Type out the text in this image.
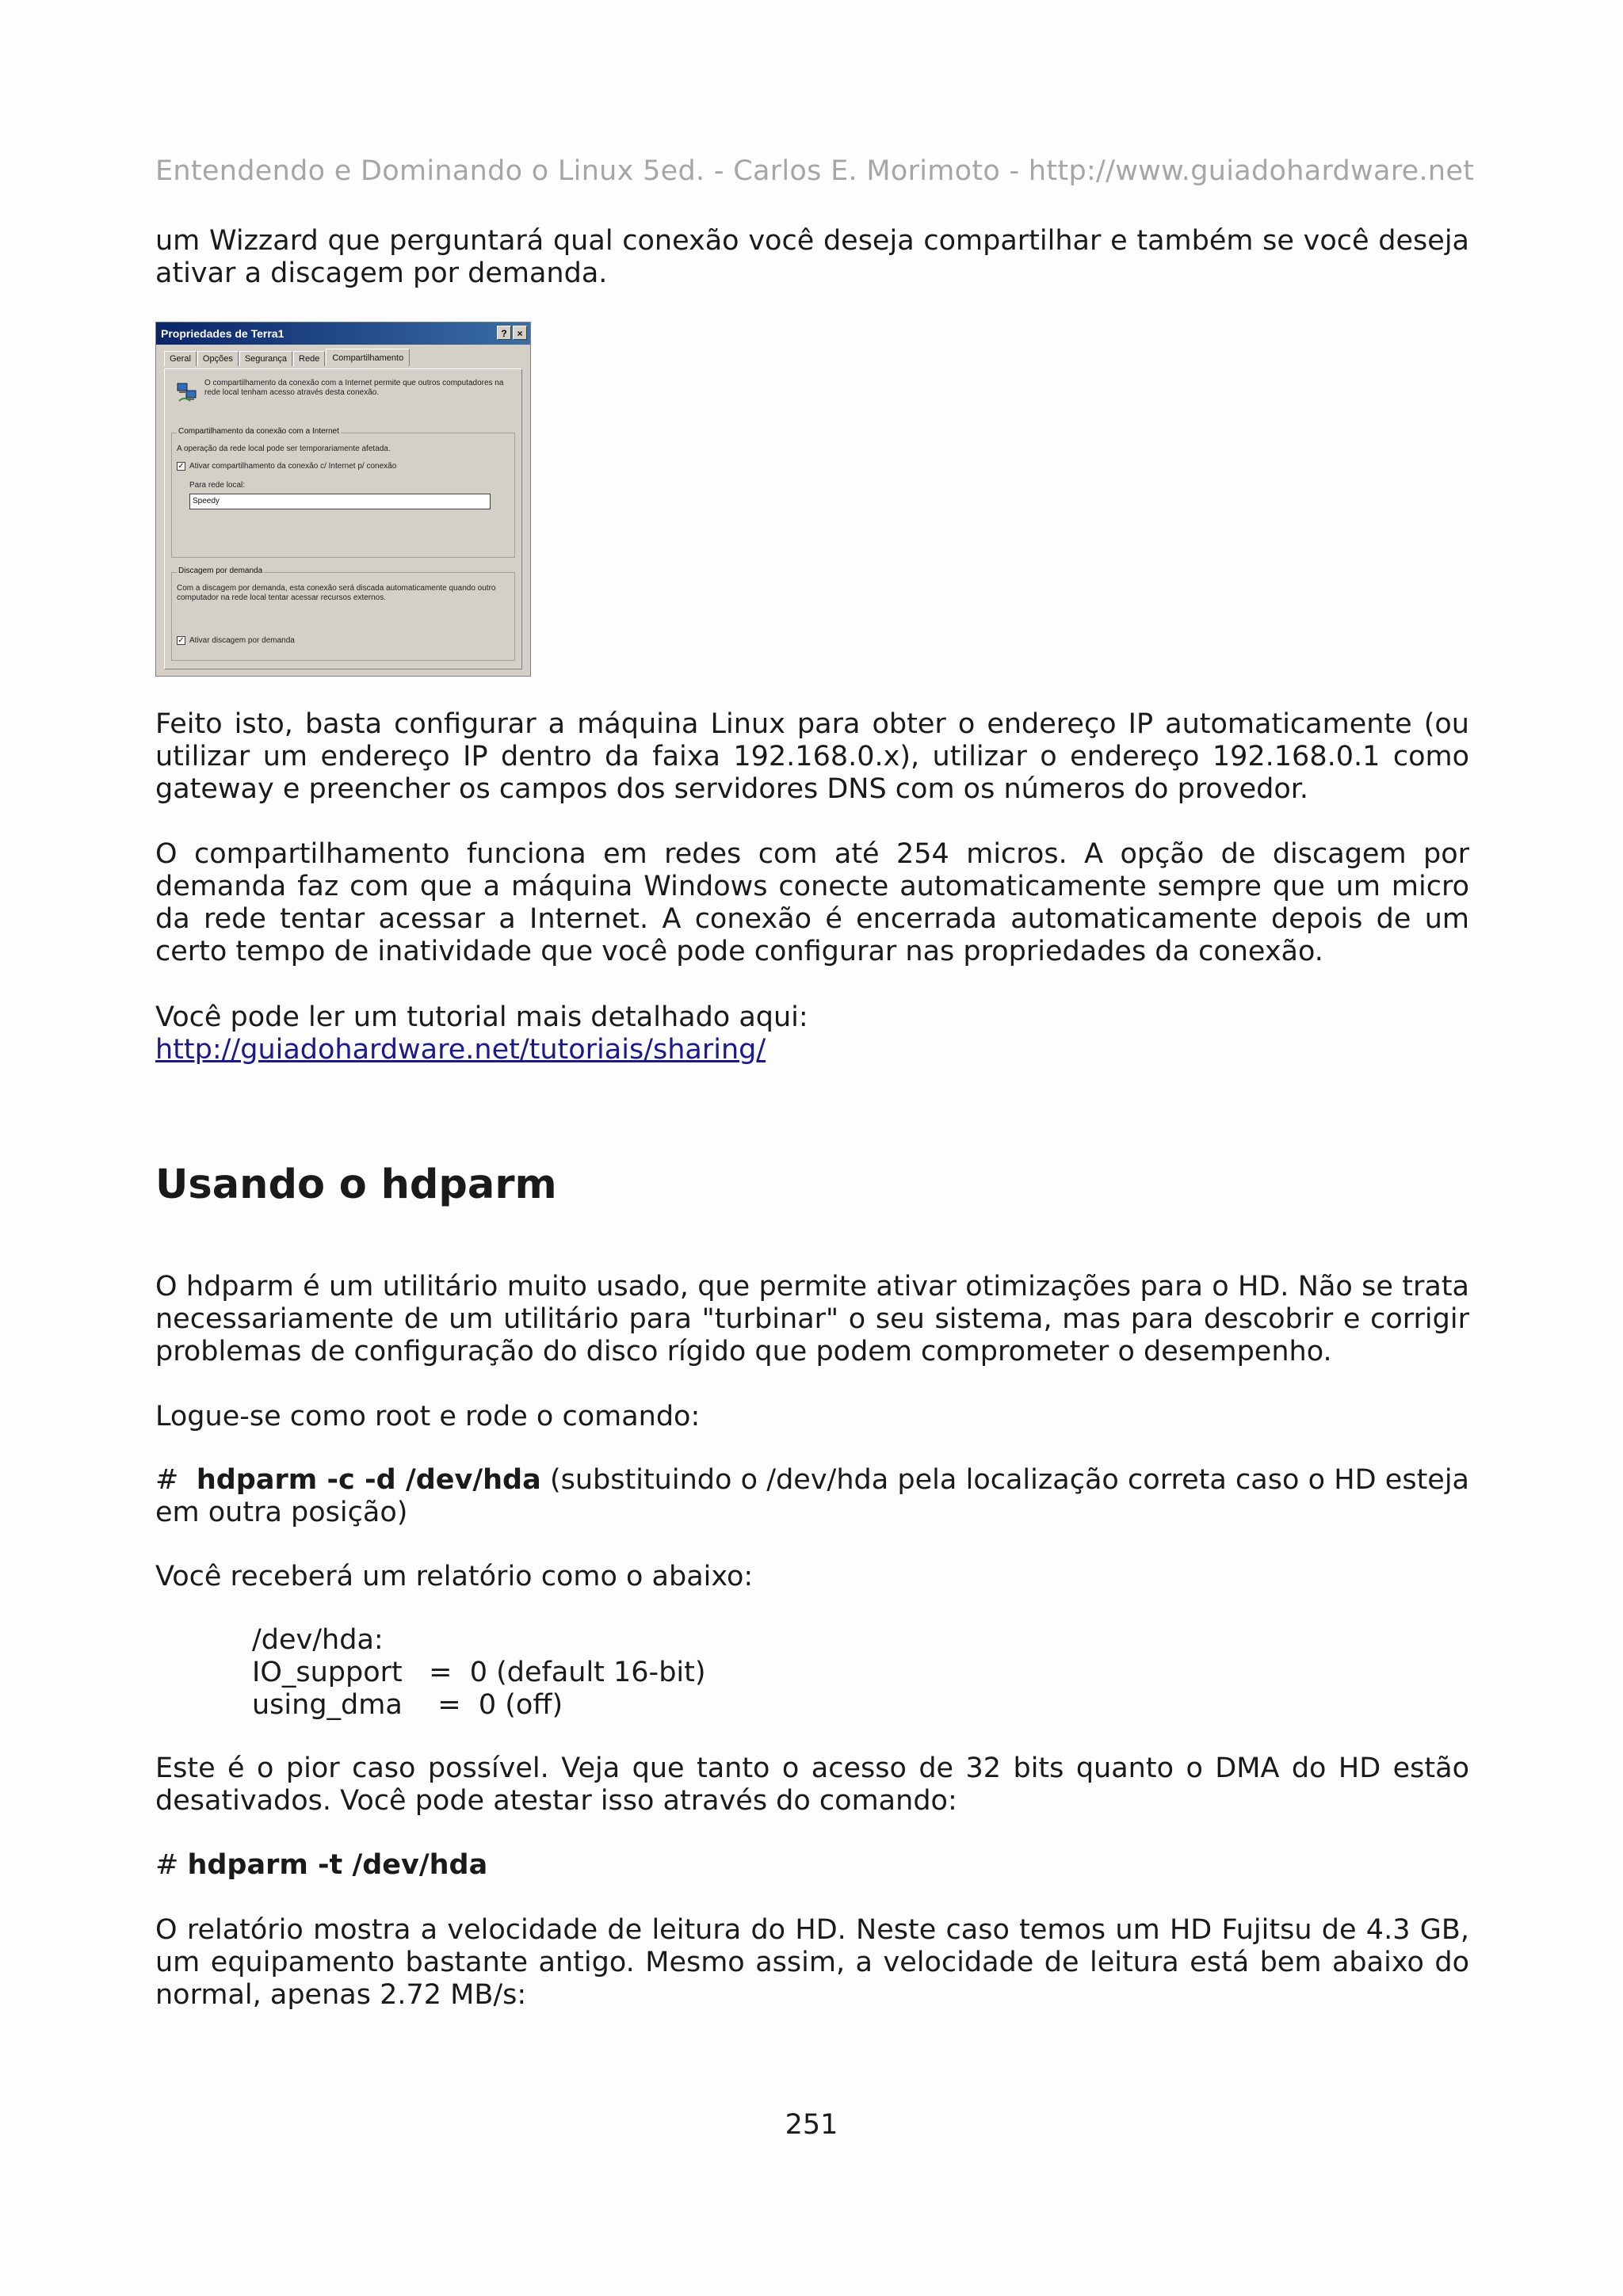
Entendendo e Dominando o Linux 5ed. - Carlos E. Morimoto - http://www.guiadohardware.net

um Wizzard que perguntará qual conexão você deseja compartilhar e também se você deseja ativar a discagem por demanda.

Propriedades de Terra1	?	×
Geral	Opções	Segurança	Rede	Compartilhamento
O compartilhamento da conexão com a Internet permite que outros computadores na rede local tenham acesso através desta conexão.
Compartilhamento da conexão com a Internet
A operação da rede local pode ser temporariamente afetada.
✓ Ativar compartilhamento da conexão c/ Internet p/ conexão
Para rede local:
Speedy
Discagem por demanda
Com a discagem por demanda, esta conexão será discada automaticamente quando outro computador na rede local tentar acessar recursos externos.
✓ Ativar discagem por demanda

Feito isto, basta configurar a máquina Linux para obter o endereço IP automaticamente (ou utilizar um endereço IP dentro da faixa 192.168.0.x), utilizar o endereço 192.168.0.1 como gateway e preencher os campos dos servidores DNS com os números do provedor.

O compartilhamento funciona em redes com até 254 micros. A opção de discagem por demanda faz com que a máquina Windows conecte automaticamente sempre que um micro da rede tentar acessar a Internet. A conexão é encerrada automaticamente depois de um certo tempo de inatividade que você pode configurar nas propriedades da conexão.

Você pode ler um tutorial mais detalhado aqui:
http://guiadohardware.net/tutoriais/sharing/

Usando o hdparm

O hdparm é um utilitário muito usado, que permite ativar otimizações para o HD. Não se trata necessariamente de um utilitário para "turbinar" o seu sistema, mas para descobrir e corrigir problemas de configuração do disco rígido que podem comprometer o desempenho.

Logue-se como root e rode o comando:

# hdparm -c -d /dev/hda (substituindo o /dev/hda pela localização correta caso o HD esteja em outra posição)

Você receberá um relatório como o abaixo:

/dev/hda:
IO_support   =  0 (default 16-bit)
using_dma    =  0 (off)

Este é o pior caso possível. Veja que tanto o acesso de 32 bits quanto o DMA do HD estão desativados. Você pode atestar isso através do comando:

# hdparm -t /dev/hda

O relatório mostra a velocidade de leitura do HD. Neste caso temos um HD Fujitsu de 4.3 GB, um equipamento bastante antigo. Mesmo assim, a velocidade de leitura está bem abaixo do normal, apenas 2.72 MB/s:

251
